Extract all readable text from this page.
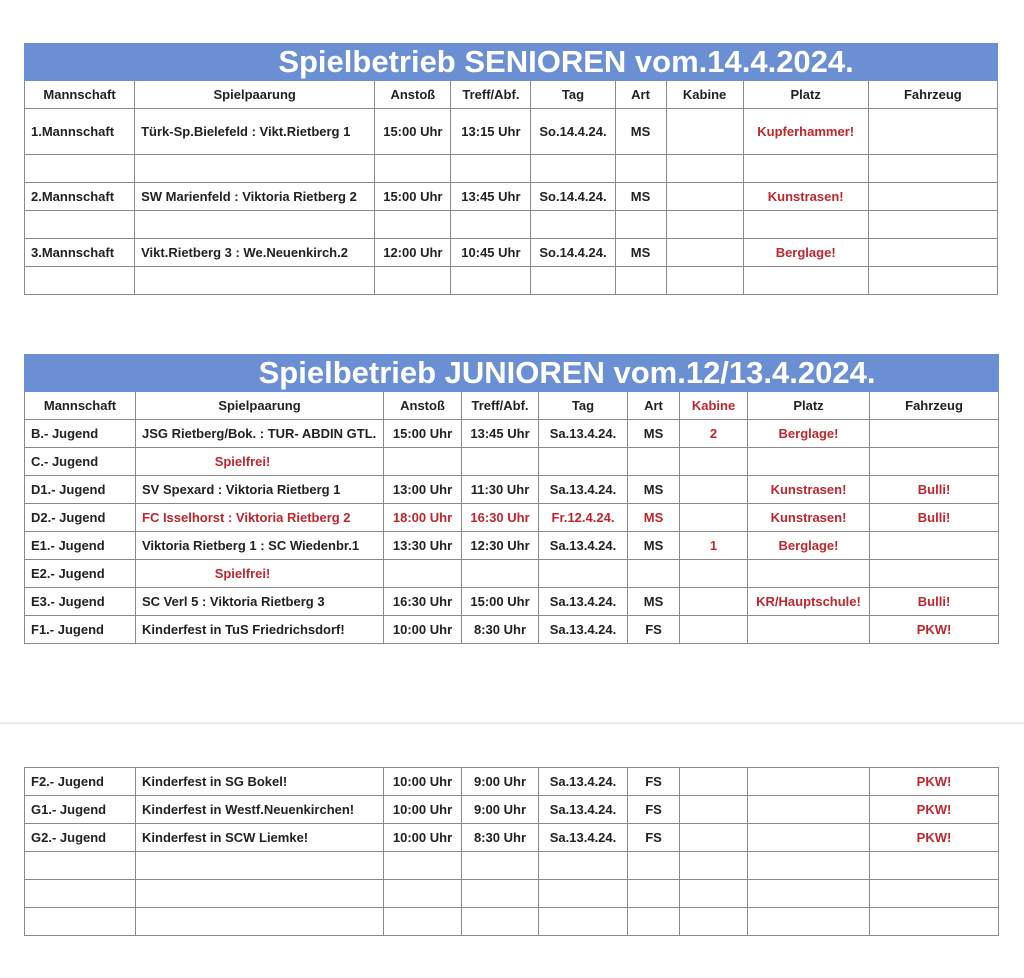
	Spielbetrieb SENIOREN vom.14.4.2024.							
Mannschaft	Spielpaarung	Anstoß	Treff/Abf.	Tag	Art	Kabine	Platz	Fahrzeug
1.Mannschaft	Türk-Sp.Bielefeld : Vikt.Rietberg 1	15:00 Uhr	13:15 Uhr	So.14.4.24.	MS		Kupferhammer!	

2.Mannschaft	SW Marienfeld : Viktoria Rietberg 2	15:00 Uhr	13:45 Uhr	So.14.4.24.	MS		Kunstrasen!	

3.Mannschaft	Vikt.Rietberg 3 : We.Neuenkirch.2	12:00 Uhr	10:45 Uhr	So.14.4.24.	MS		Berglage!	

	Spielbetrieb JUNIOREN vom.12/13.4.2024.							
Mannschaft	Spielpaarung	Anstoß	Treff/Abf.	Tag	Art	Kabine	Platz	Fahrzeug
B.- Jugend	JSG Rietberg/Bok. : TUR- ABDIN GTL.	15:00 Uhr	13:45 Uhr	Sa.13.4.24.	MS	2	Berglage!	
C.- Jugend	Spielfrei!							
D1.- Jugend	SV Spexard : Viktoria Rietberg 1	13:00 Uhr	11:30 Uhr	Sa.13.4.24.	MS		Kunstrasen!	Bulli!
D2.- Jugend	FC Isselhorst : Viktoria Rietberg 2	18:00 Uhr	16:30 Uhr	Fr.12.4.24.	MS		Kunstrasen!	Bulli!
E1.- Jugend	Viktoria Rietberg 1 : SC Wiedenbr.1	13:30 Uhr	12:30 Uhr	Sa.13.4.24.	MS	1	Berglage!	
E2.- Jugend	Spielfrei!							
E3.- Jugend	SC Verl 5 : Viktoria Rietberg 3	16:30 Uhr	15:00 Uhr	Sa.13.4.24.	MS		KR/Hauptschule!	Bulli!
F1.- Jugend	Kinderfest in TuS Friedrichsdorf!	10:00 Uhr	8:30 Uhr	Sa.13.4.24.	FS			PKW!
F2.- Jugend	Kinderfest in SG Bokel!	10:00 Uhr	9:00 Uhr	Sa.13.4.24.	FS			PKW!
G1.- Jugend	Kinderfest in Westf.Neuenkirchen!	10:00 Uhr	9:00 Uhr	Sa.13.4.24.	FS			PKW!
G2.- Jugend	Kinderfest in SCW Liemke!	10:00 Uhr	8:30 Uhr	Sa.13.4.24.	FS			PKW!
